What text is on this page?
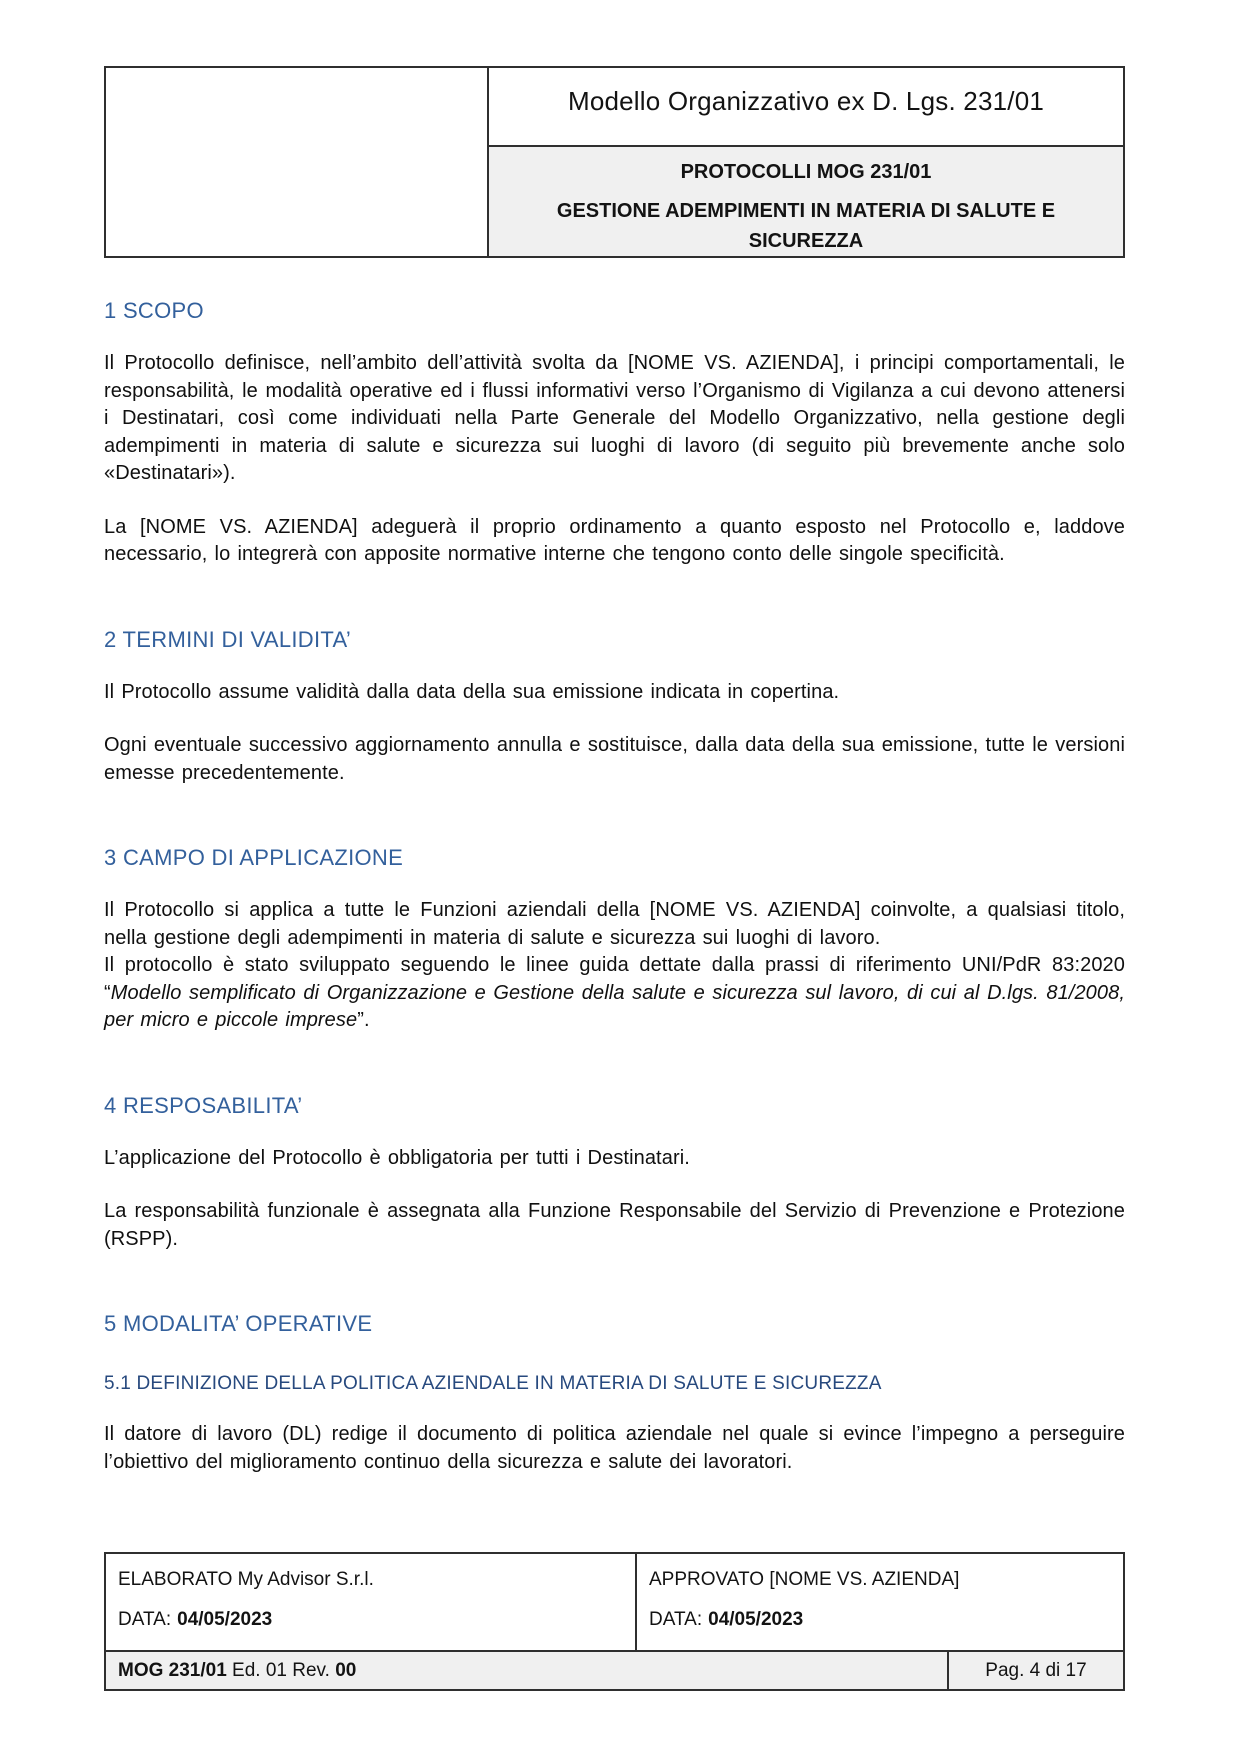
Modello Organizzativo ex D. Lgs. 231/01
PROTOCOLLI MOG 231/01
GESTIONE ADEMPIMENTI IN MATERIA DI SALUTE E SICUREZZA
1 SCOPO

Il Protocollo definisce, nell’ambito dell’attività svolta da [NOME VS. AZIENDA], i principi comportamentali, le responsabilità, le modalità operative ed i flussi informativi verso l’Organismo di Vigilanza a cui devono attenersi i Destinatari, così come individuati nella Parte Generale del Modello Organizzativo, nella gestione degli adempimenti in materia di salute e sicurezza sui luoghi di lavoro (di seguito più brevemente anche solo «Destinatari»).

La [NOME VS. AZIENDA] adeguerà il proprio ordinamento a quanto esposto nel Protocollo e, laddove necessario, lo integrerà con apposite normative interne che tengono conto delle singole specificità.

2 TERMINI DI VALIDITA’

Il Protocollo assume validità dalla data della sua emissione indicata in copertina.

Ogni eventuale successivo aggiornamento annulla e sostituisce, dalla data della sua emissione, tutte le versioni emesse precedentemente.

3 CAMPO DI APPLICAZIONE

Il Protocollo si applica a tutte le Funzioni aziendali della [NOME VS. AZIENDA] coinvolte, a qualsiasi titolo, nella gestione degli adempimenti in materia di salute e sicurezza sui luoghi di lavoro.

Il protocollo è stato sviluppato seguendo le linee guida dettate dalla prassi di riferimento UNI/PdR 83:2020 “Modello semplificato di Organizzazione e Gestione della salute e sicurezza sul lavoro, di cui al D.lgs. 81/2008, per micro e piccole imprese”.

4 RESPOSABILITA’

L’applicazione del Protocollo è obbligatoria per tutti i Destinatari.

La responsabilità funzionale è assegnata alla Funzione Responsabile del Servizio di Prevenzione e Protezione (RSPP).

5 MODALITA’ OPERATIVE
5.1 DEFINIZIONE DELLA POLITICA AZIENDALE IN MATERIA DI SALUTE E SICUREZZA

Il datore di lavoro (DL) redige il documento di politica aziendale nel quale si evince l’impegno a perseguire l’obiettivo del miglioramento continuo della sicurezza e salute dei lavoratori.

ELABORATO My Advisor S.r.l.
DATA: 04/05/2023
APPROVATO [NOME VS. AZIENDA]
DATA: 04/05/2023
MOG 231/01 Ed. 01 Rev. 00	Pag. 4 di 17
